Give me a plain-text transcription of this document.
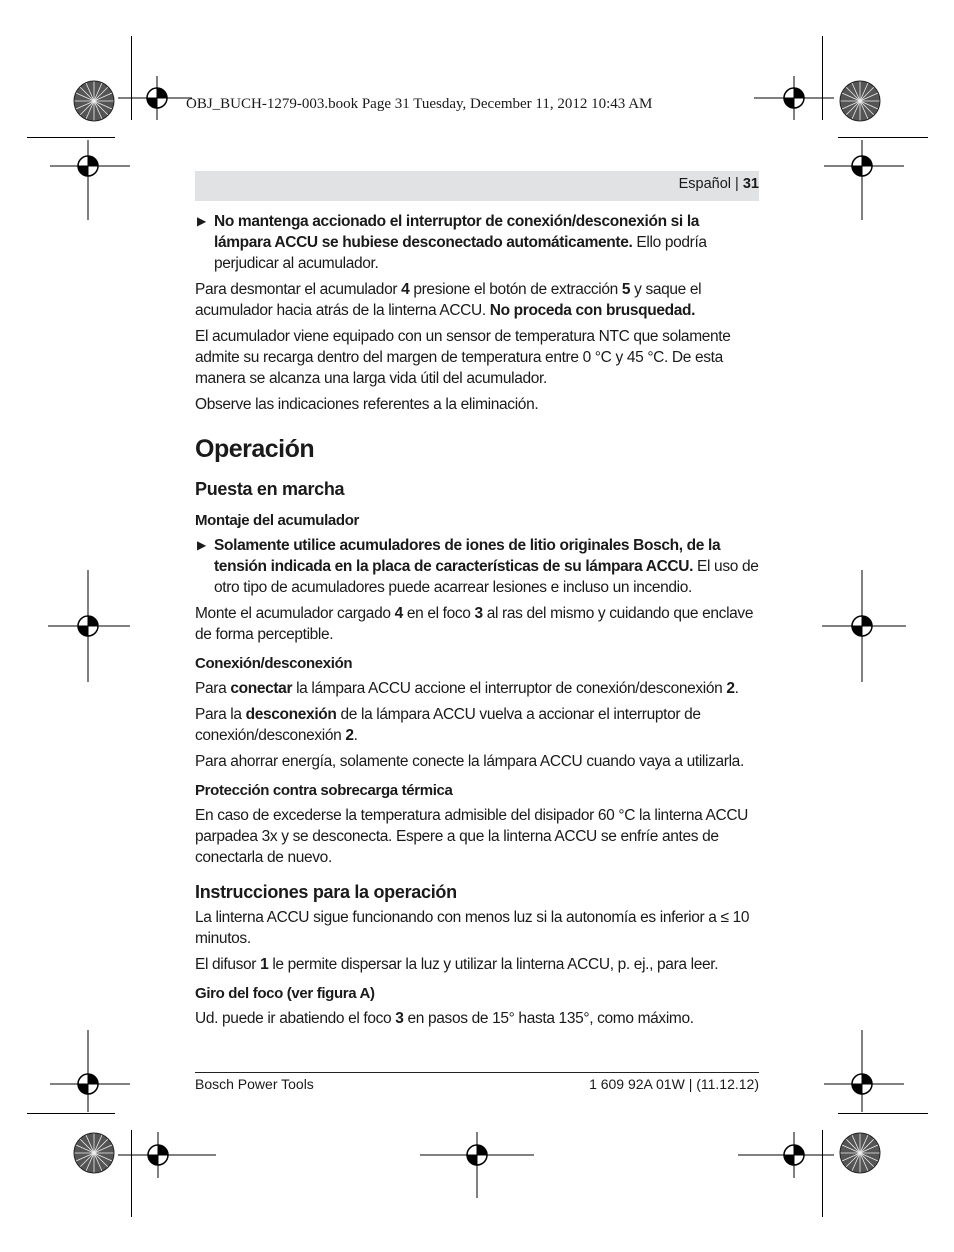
OBJ_BUCH-1279-003.book Page 31 Tuesday, December 11, 2012 10:43 AM
Español | 31
▶ No mantenga accionado el interruptor de conexión/desconexión si la lámpara ACCU se hubiese desconectado automáticamente. Ello podría perjudicar al acumulador.

Para desmontar el acumulador 4 presione el botón de extracción 5 y saque el acumulador hacia atrás de la linterna ACCU. No proceda con brusquedad.

El acumulador viene equipado con un sensor de temperatura NTC que solamente admite su recarga dentro del margen de temperatura entre 0 °C y 45 °C. De esta manera se alcanza una larga vida útil del acumulador.

Observe las indicaciones referentes a la eliminación.

Operación
Puesta en marcha
Montaje del acumulador
▶ Solamente utilice acumuladores de iones de litio originales Bosch, de la tensión indicada en la placa de características de su lámpara ACCU. El uso de otro tipo de acumuladores puede acarrear lesiones e incluso un incendio.

Monte el acumulador cargado 4 en el foco 3 al ras del mismo y cuidando que enclave de forma perceptible.

Conexión/desconexión

Para conectar la lámpara ACCU accione el interruptor de conexión/desconexión 2.

Para la desconexión de la lámpara ACCU vuelva a accionar el interruptor de conexión/desconexión 2.

Para ahorrar energía, solamente conecte la lámpara ACCU cuando vaya a utilizarla.

Protección contra sobrecarga térmica

En caso de excederse la temperatura admisible del disipador 60 °C la linterna ACCU parpadea 3x y se desconecta. Espere a que la linterna ACCU se enfríe antes de conectarla de nuevo.

Instrucciones para la operación

La linterna ACCU sigue funcionando con menos luz si la autonomía es inferior a ≤ 10 minutos.

El difusor 1 le permite dispersar la luz y utilizar la linterna ACCU, p. ej., para leer.

Giro del foco (ver figura A)

Ud. puede ir abatiendo el foco 3 en pasos de 15° hasta 135°, como máximo.

Bosch Power Tools	1 609 92A 01W | (11.12.12)
